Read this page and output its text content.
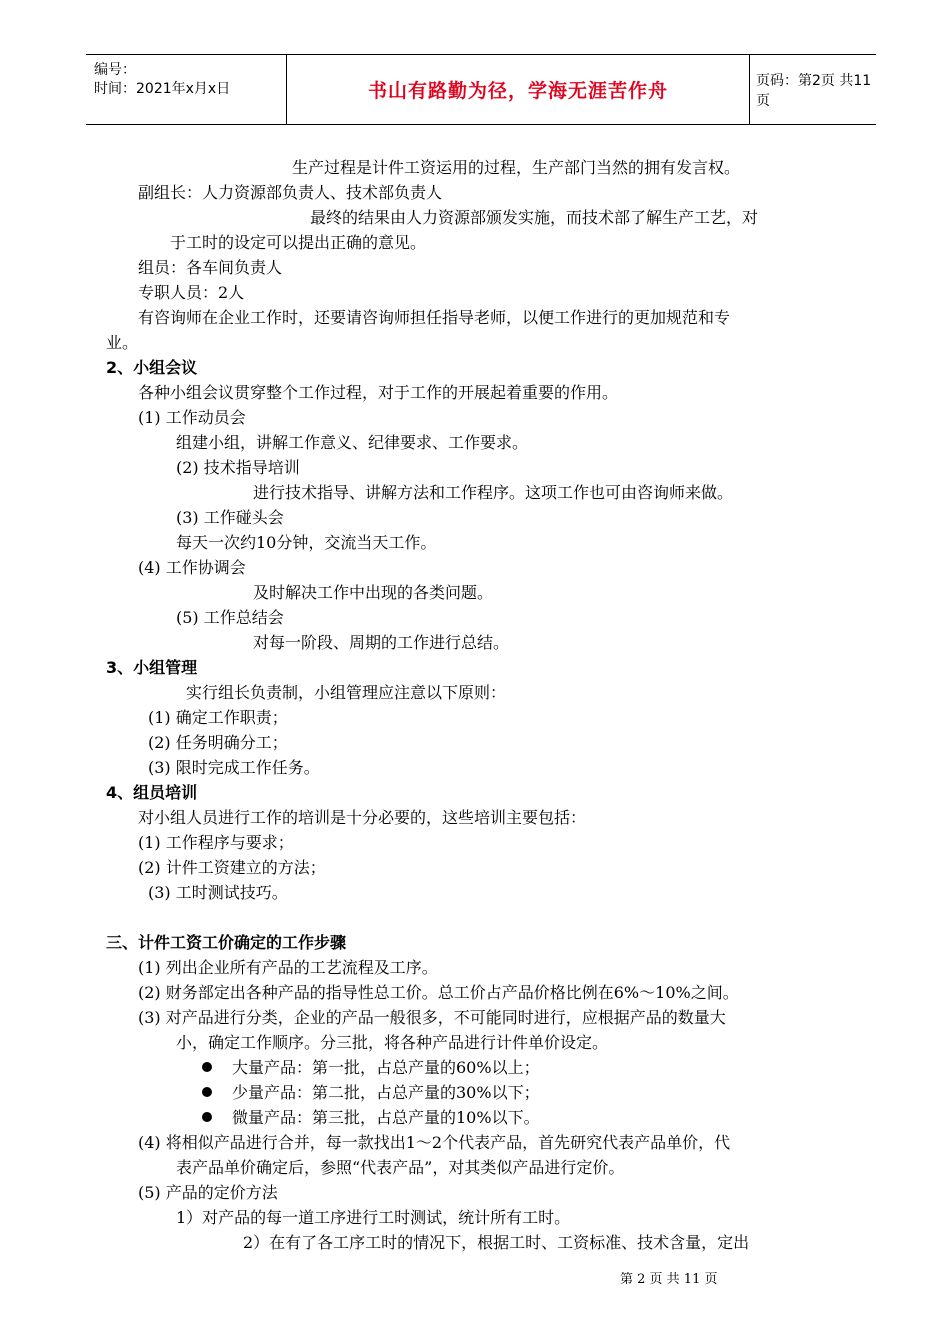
编号：
时间：2021年x月x日	书山有路勤为径，学海无涯苦作舟	页码：第2页 共11页
生产过程是计件工资运用的过程，生产部门当然的拥有发言权。
副组长：人力资源部负责人、技术部负责人
最终的结果由人力资源部颁发实施，而技术部了解生产工艺，对
于工时的设定可以提出正确的意见。
组员：各车间负责人
专职人员：2人
有咨询师在企业工作时，还要请咨询师担任指导老师，以便工作进行的更加规范和专
业。
2、小组会议
各种小组会议贯穿整个工作过程，对于工作的开展起着重要的作用。
(1) 工作动员会
组建小组，讲解工作意义、纪律要求、工作要求。
(2) 技术指导培训
进行技术指导、讲解方法和工作程序。这项工作也可由咨询师来做。
(3) 工作碰头会
每天一次约10分钟，交流当天工作。
(4) 工作协调会
及时解决工作中出现的各类问题。
(5) 工作总结会
对每一阶段、周期的工作进行总结。
3、小组管理
实行组长负责制，小组管理应注意以下原则：
(1) 确定工作职责；
(2) 任务明确分工；
(3) 限时完成工作任务。
4、组员培训
对小组人员进行工作的培训是十分必要的，这些培训主要包括：
(1) 工作程序与要求；
(2) 计件工资建立的方法；
(3) 工时测试技巧。
三、计件工资工价确定的工作步骤
(1) 列出企业所有产品的工艺流程及工序。
(2) 财务部定出各种产品的指导性总工价。总工价占产品价格比例在6%～10%之间。
(3) 对产品进行分类，企业的产品一般很多，不可能同时进行，应根据产品的数量大
小，确定工作顺序。分三批，将各种产品进行计件单价设定。
大量产品：第一批，占总产量的60%以上；
少量产品：第二批，占总产量的30%以下；
微量产品：第三批，占总产量的10%以下。
(4) 将相似产品进行合并，每一款找出1～2个代表产品，首先研究代表产品单价，代
表产品单价确定后，参照“代表产品”，对其类似产品进行定价。
(5) 产品的定价方法
1）对产品的每一道工序进行工时测试，统计所有工时。
2）在有了各工序工时的情况下，根据工时、工资标准、技术含量，定出
第 2 页 共 11 页
